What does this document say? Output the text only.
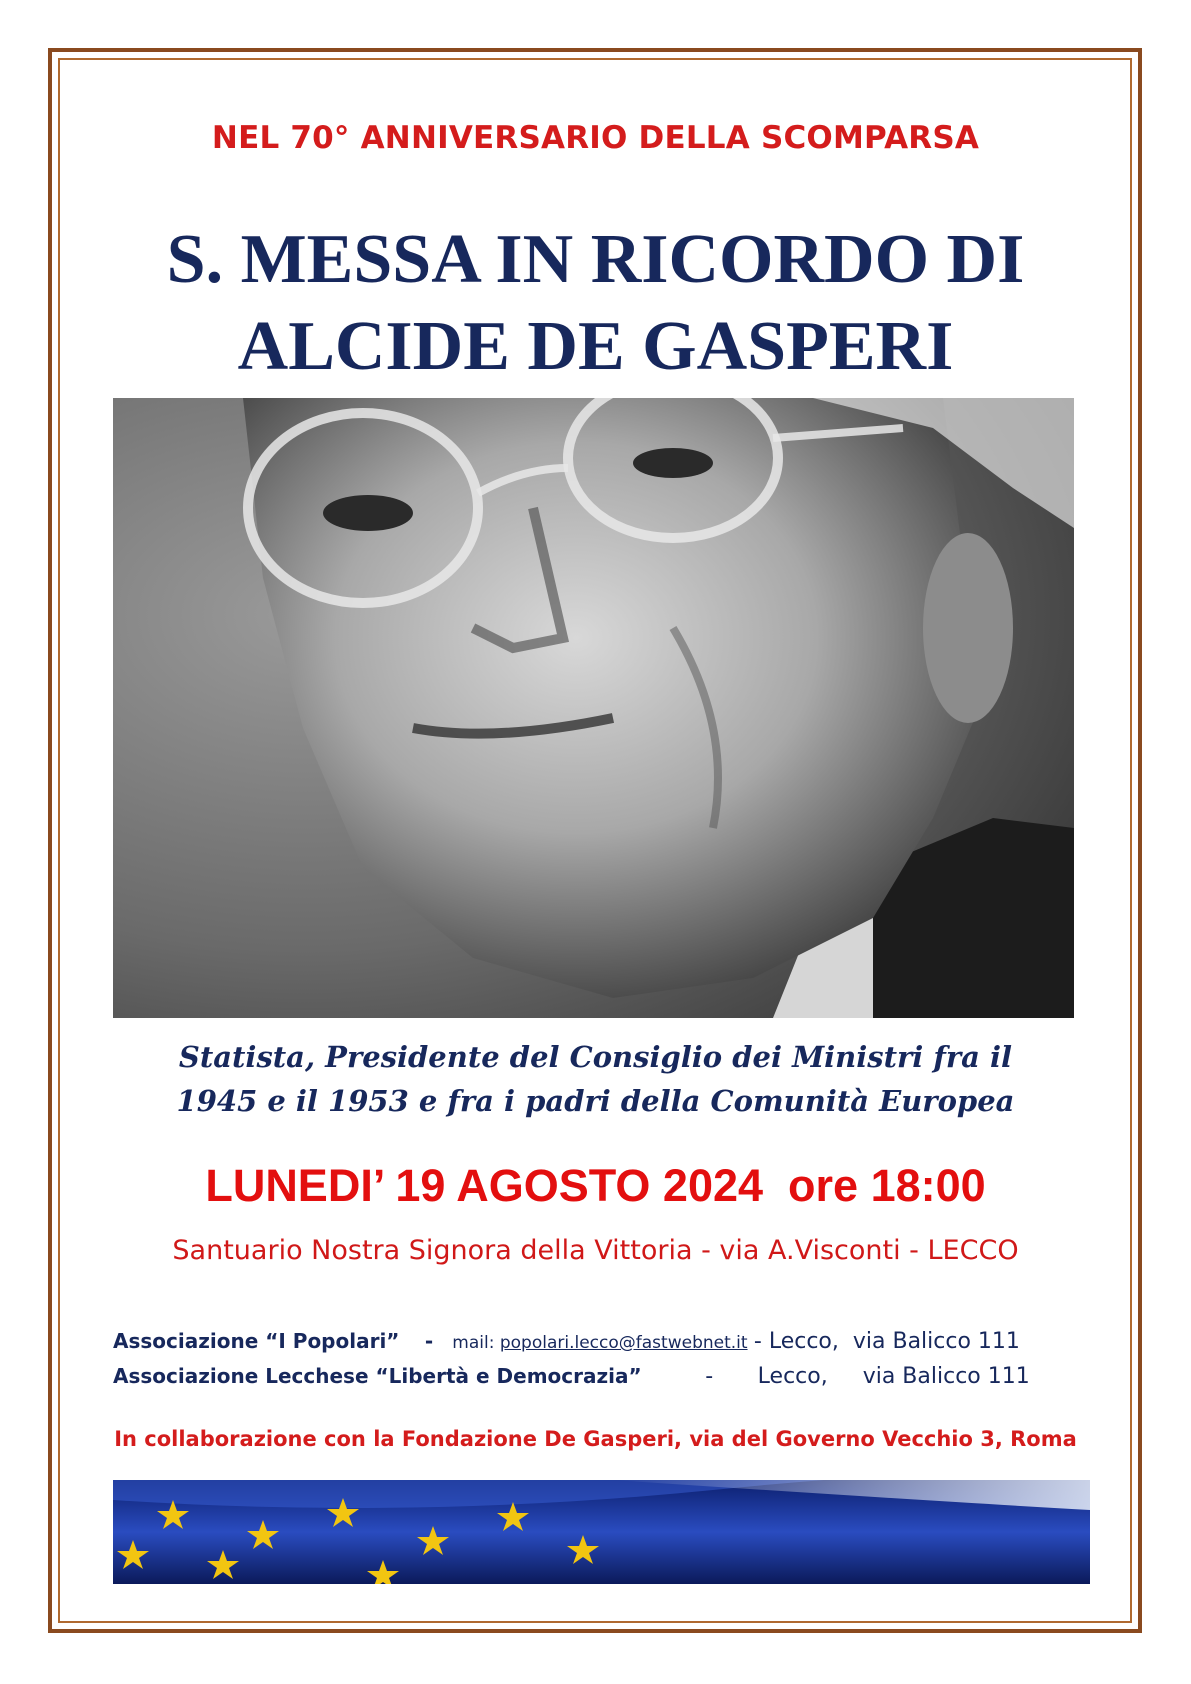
NEL 70° ANNIVERSARIO DELLA SCOMPARSA
S. MESSA IN RICORDO DI
ALCIDE DE GASPERI
Statista, Presidente del Consiglio dei Ministri fra il
1945 e il 1953 e fra i padri della Comunità Europea
LUNEDI’ 19 AGOSTO 2024  ore 18:00
Santuario Nostra Signora della Vittoria - via A.Visconti - LECCO
Associazione “I Popolari” - mail: popolari.lecco@fastwebnet.it - Lecco,  via Balicco 111
Associazione Lecchese “Libertà e Democrazia”	- Lecco,     via Balicco 111
In collaborazione con la Fondazione De Gasperi, via del Governo Vecchio 3, Roma
